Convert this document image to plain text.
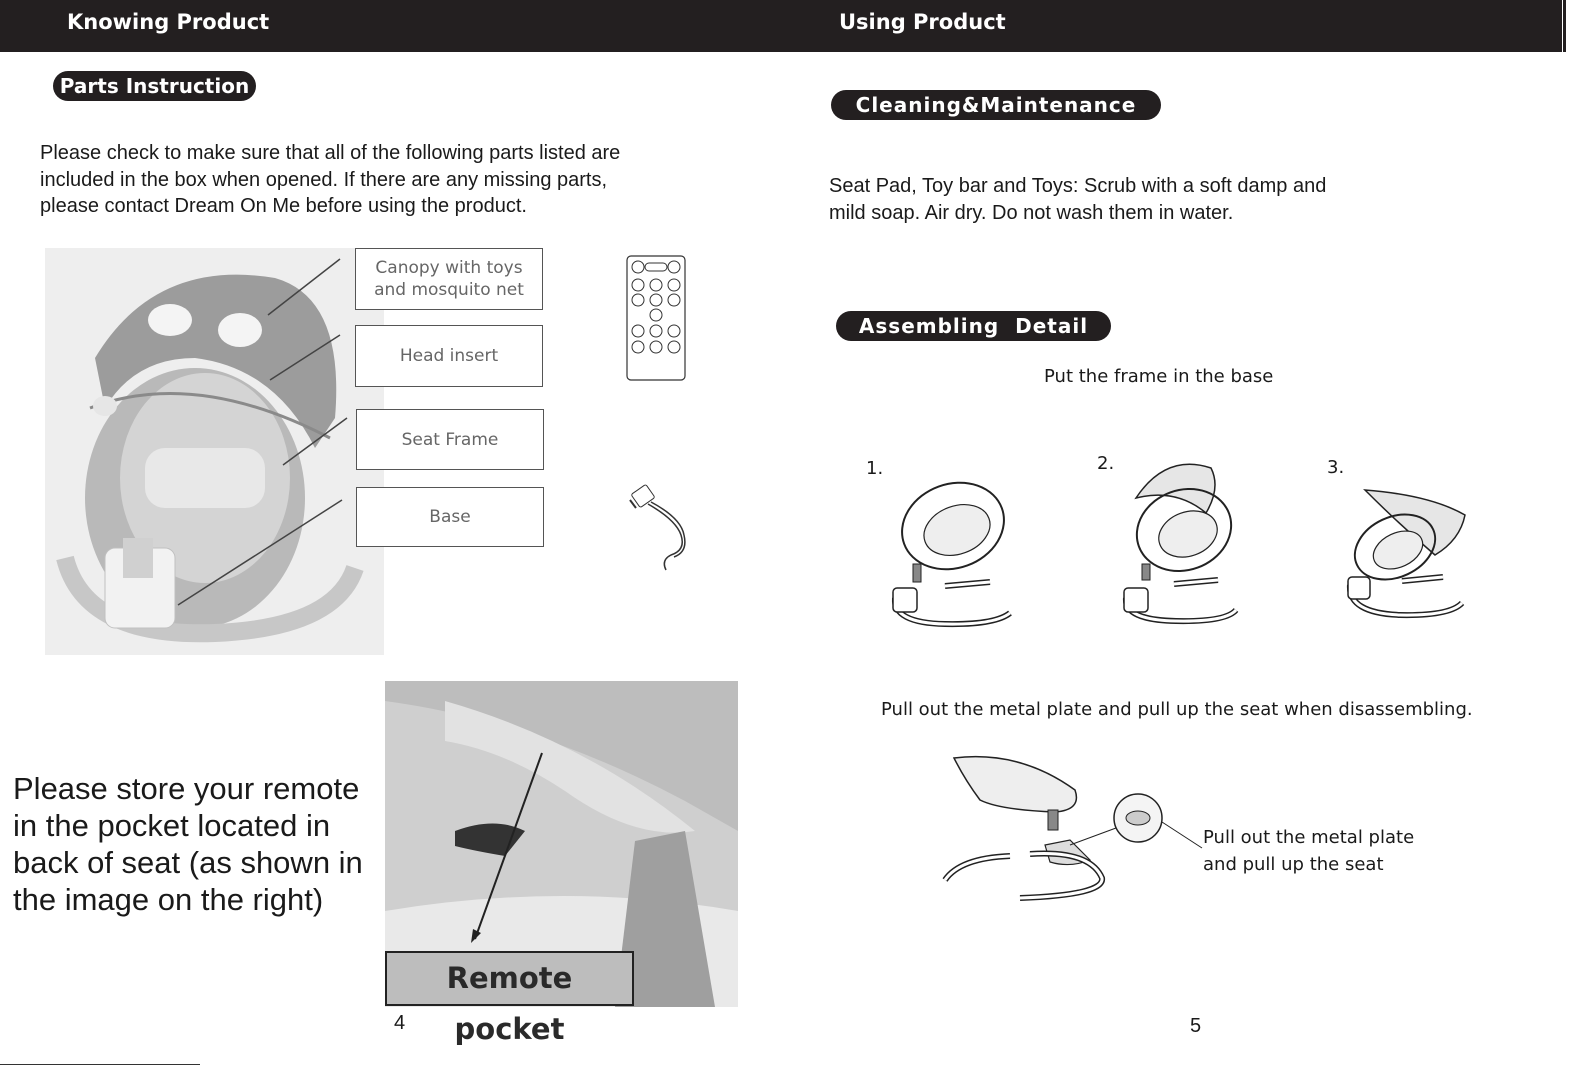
Knowing Product	Using Product
Parts Instruction
Please check to make sure that all of the following parts listed are
included in the box when opened. If there are any missing parts,
please contact Dream On Me before using the product.
Canopy with toys
and mosquito net
Head insert
Seat Frame
Base
Please store your remote
in the pocket located in
back of seat (as shown in
the image on the right)
Remote pocket
4
Cleaning&Maintenance
Seat Pad, Toy bar and Toys: Scrub with a soft damp and
mild soap. Air dry. Do not wash them in water.
Assembling  Detail
Put the frame in the base
1.	2.	3.
Pull out the metal plate and pull up the seat when disassembling.
Pull out the metal plate
and pull up the seat
5
